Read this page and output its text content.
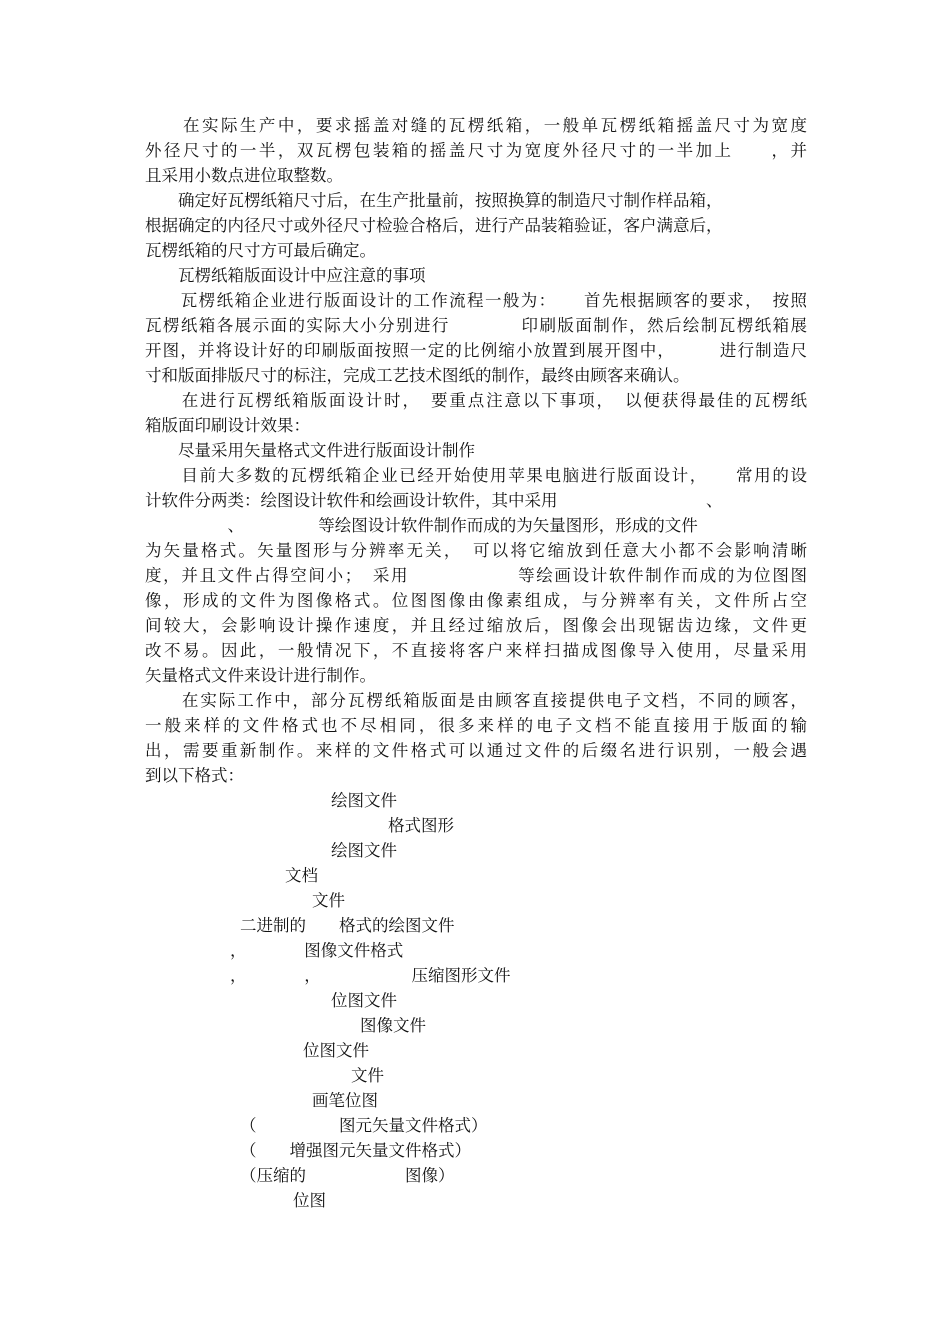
　　在实际生产中，要求摇盖对缝的瓦楞纸箱，一般单瓦楞纸箱摇盖尺寸为宽度

外径尺寸的一半，双瓦楞包装箱的摇盖尺寸为宽度外径尺寸的一半加上　　，并

且采用小数点进位取整数。

　　确定好瓦楞纸箱尺寸后，在生产批量前，按照换算的制造尺寸制作样品箱，

根据确定的内径尺寸或外径尺寸检验合格后，进行产品装箱验证，客户满意后，

瓦楞纸箱的尺寸方可最后确定。

　　瓦楞纸箱版面设计中应注意的事项

　　瓦楞纸箱企业进行版面设计的工作流程一般为：　　首先根据顾客的要求，　按照

瓦楞纸箱各展示面的实际大小分别进行　　　　印刷版面制作，然后绘制瓦楞纸箱展

开图，并将设计好的印刷版面按照一定的比例缩小放置到展开图中，　　　进行制造尺

寸和版面排版尺寸的标注，完成工艺技术图纸的制作，最终由顾客来确认。

　　在进行瓦楞纸箱版面设计时，　要重点注意以下事项，　以便获得最佳的瓦楞纸

箱版面印刷设计效果：

　　尽量采用矢量格式文件进行版面设计制作

　　目前大多数的瓦楞纸箱企业已经开始使用苹果电脑进行版面设计，　　常用的设

计软件分两类：绘图设计软件和绘画设计软件，其中采用　　　　　　　　　、

　　　　　、　　　　　等绘图设计软件制作而成的为矢量图形，形成的文件

为矢量格式。矢量图形与分辨率无关，　可以将它缩放到任意大小都不会影响清晰

度，并且文件占得空间小；　采用　　　　　　等绘画设计软件制作而成的为位图图

像，形成的文件为图像格式。位图图像由像素组成，与分辨率有关，文件所占空

间较大，会影响设计操作速度，并且经过缩放后，图像会出现锯齿边缘，文件更

改不易。因此，一般情况下，不直接将客户来样扫描成图像导入使用，尽量采用

矢量格式文件来设计进行制作。

　　在实际工作中，部分瓦楞纸箱版面是由顾客直接提供电子文档，不同的顾客，

一般来样的文件格式也不尽相同，很多来样的电子文档不能直接用于版面的输

出，需要重新制作。来样的文件格式可以通过文件的后缀名进行识别，一般会遇

到以下格式：

绘图文件

格式图形

绘图文件

文档

文件

二进制的　　格式的绘图文件

，　　　　图像文件格式

，　　　　，　　　　　　压缩图形文件

位图文件

图像文件

位图文件

文件

画笔位图

（　　　　　图元矢量文件格式）

（　　增强图元矢量文件格式）

（压缩的　　　　　　图像）

位图
